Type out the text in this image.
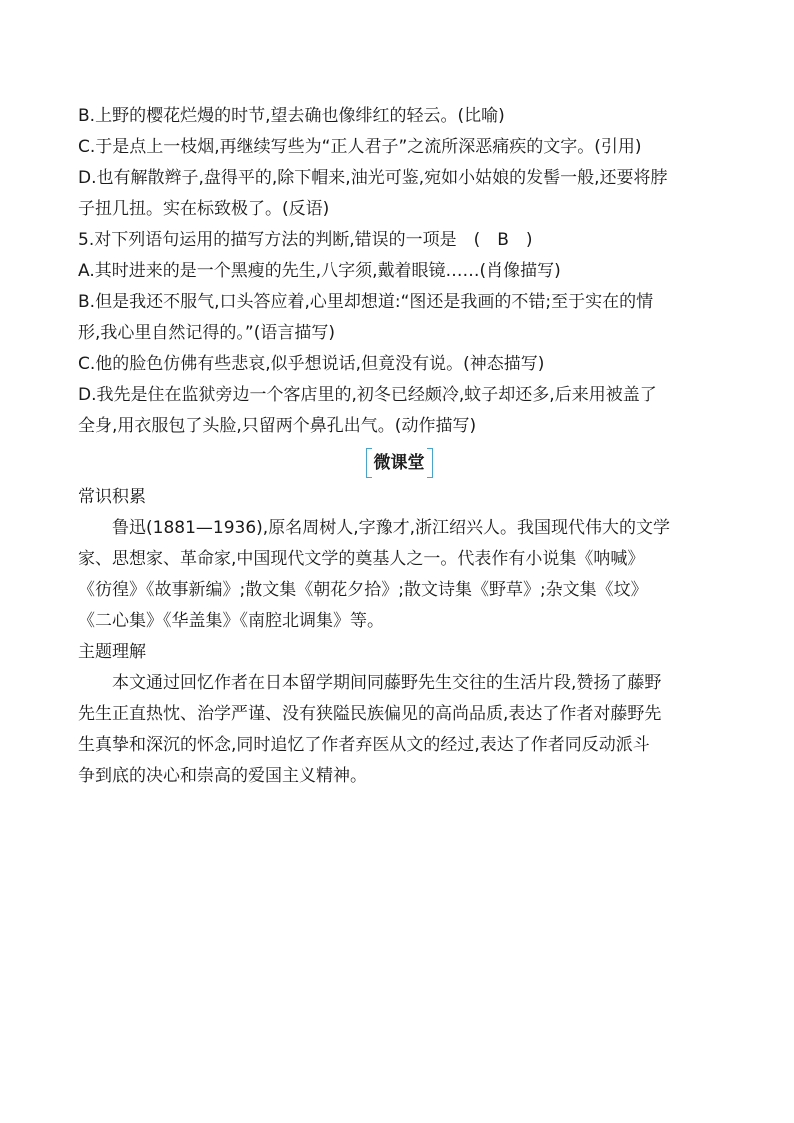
B.上野的樱花烂熳的时节,望去确也像绯红的轻云。(比喻)

C.于是点上一枝烟,再继续写些为“正人君子”之流所深恶痛疾的文字。(引用)

D.也有解散辫子,盘得平的,除下帽来,油光可鉴,宛如小姑娘的发髻一般,还要将脖

子扭几扭。实在标致极了。(反语)

5.对下列语句运用的描写方法的判断,错误的一项是　(　B　)

A.其时进来的是一个黑瘦的先生,八字须,戴着眼镜……(肖像描写)

B.但是我还不服气,口头答应着,心里却想道:“图还是我画的不错;至于实在的情

形,我心里自然记得的。”(语言描写)

C.他的脸色仿佛有些悲哀,似乎想说话,但竟没有说。(神态描写)

D.我先是住在监狱旁边一个客店里的,初冬已经颇冷,蚊子却还多,后来用被盖了

全身,用衣服包了头脸,只留两个鼻孔出气。(动作描写)

微课堂

常识积累

鲁迅(1881—1936),原名周树人,字豫才,浙江绍兴人。我国现代伟大的文学

家、思想家、革命家,中国现代文学的奠基人之一。代表作有小说集《呐喊》

《彷徨》《故事新编》;散文集《朝花夕拾》;散文诗集《野草》;杂文集《坟》

《二心集》《华盖集》《南腔北调集》等。

主题理解

本文通过回忆作者在日本留学期间同藤野先生交往的生活片段,赞扬了藤野

先生正直热忱、治学严谨、没有狭隘民族偏见的高尚品质,表达了作者对藤野先

生真挚和深沉的怀念,同时追忆了作者弃医从文的经过,表达了作者同反动派斗

争到底的决心和崇高的爱国主义精神。
